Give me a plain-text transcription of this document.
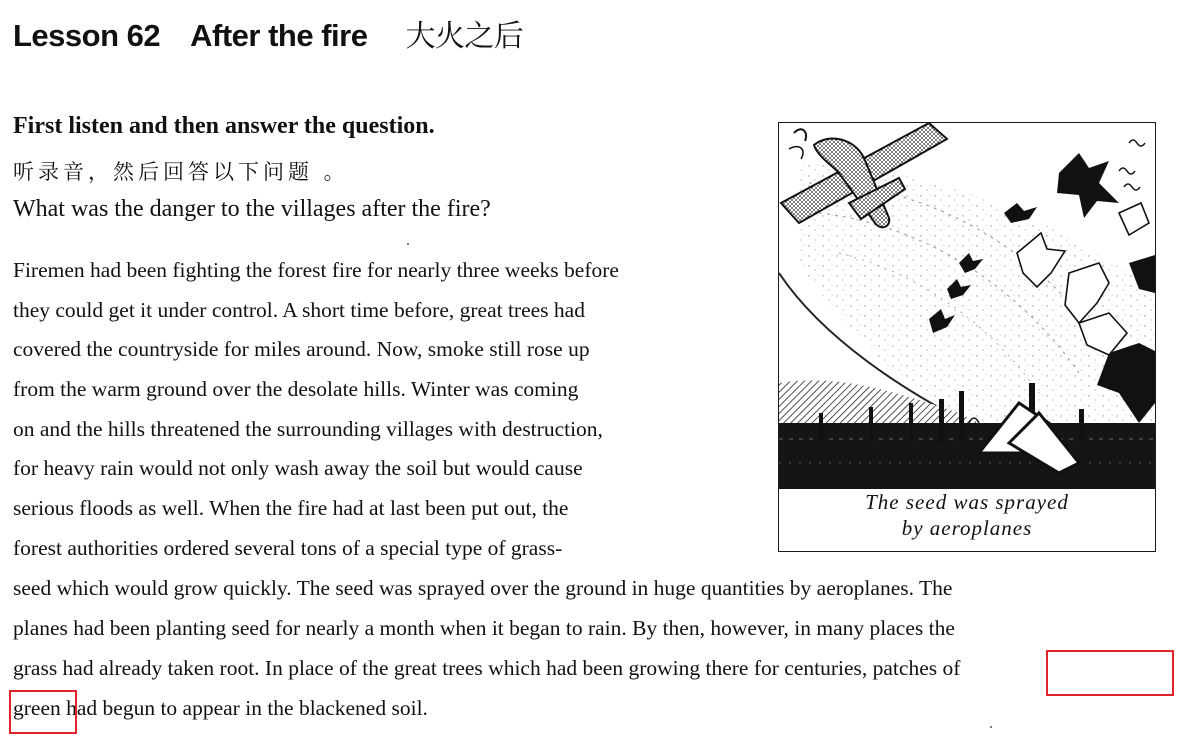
Lesson 62 After the fire 大火之后
First listen and then answer the question.
听录音，然后回答以下问题 。
What was the danger to the villages after the fire?
Firemen had been fighting the forest fire for nearly three weeks before
they could get it under control. A short time before, great trees had
covered the countryside for miles around. Now, smoke still rose up
from the warm ground over the desolate hills. Winter was coming
on and the hills threatened the surrounding villages with destruction,
for heavy rain would not only wash away the soil but would cause
serious floods as well. When the fire had at last been put out, the
forest authorities ordered several tons of a special type of grass-
seed which would grow quickly. The seed was sprayed over the ground in huge quantities by aeroplanes. The
planes had been planting seed for nearly a month when it began to rain. By then, however, in many places the
grass had already taken root. In place of the great trees which had been growing there for centuries, patches of
green had begun to appear in the blackened soil.
The seed was sprayed
by aeroplanes
